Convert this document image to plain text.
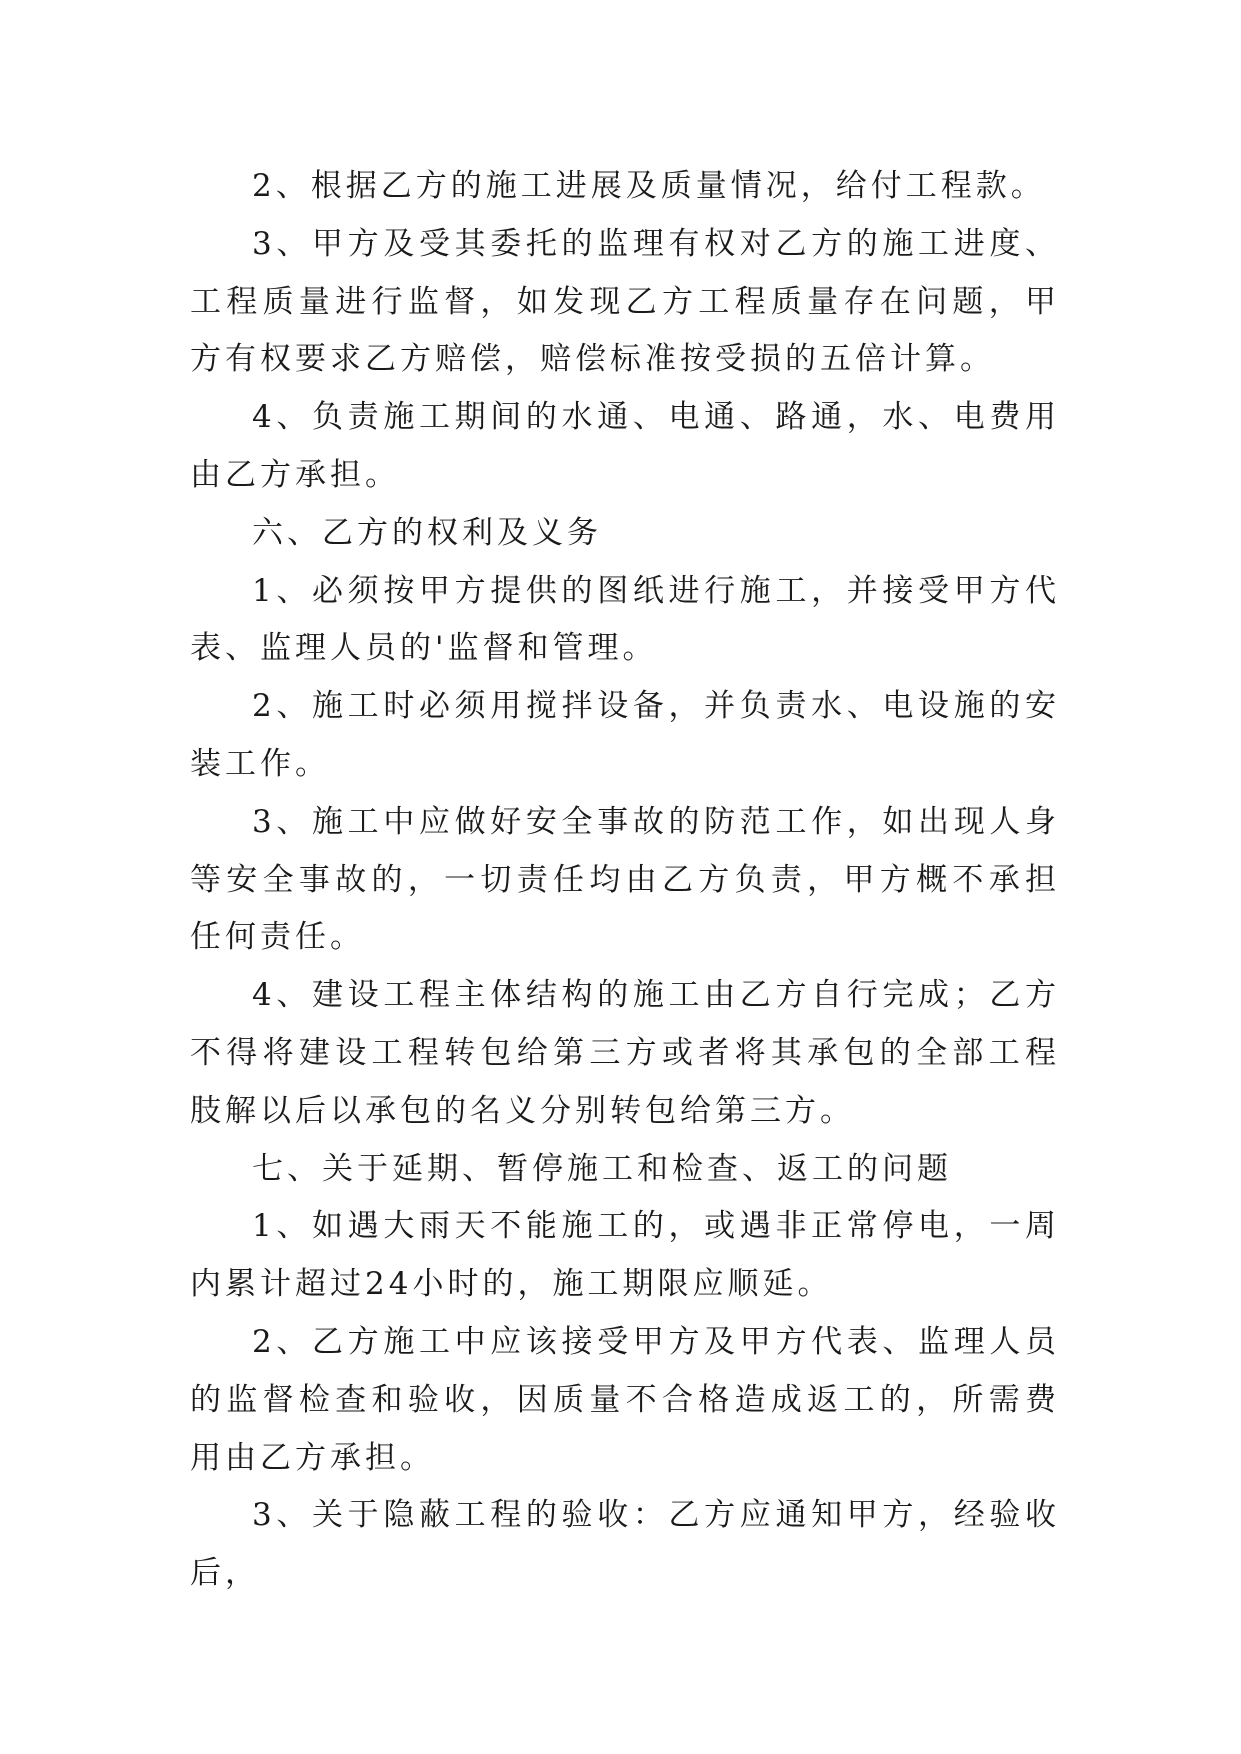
2、根据乙方的施工进展及质量情况，给付工程款。

3、甲方及受其委托的监理有权对乙方的施工进度、工程质量进行监督，如发现乙方工程质量存在问题，甲方有权要求乙方赔偿，赔偿标准按受损的五倍计算。

4、负责施工期间的水通、电通、路通，水、电费用由乙方承担。

六、乙方的权利及义务

1、必须按甲方提供的图纸进行施工，并接受甲方代表、监理人员的'监督和管理。

2、施工时必须用搅拌设备，并负责水、电设施的安装工作。

3、施工中应做好安全事故的防范工作，如出现人身等安全事故的，一切责任均由乙方负责，甲方概不承担任何责任。

4、建设工程主体结构的施工由乙方自行完成；乙方不得将建设工程转包给第三方或者将其承包的全部工程肢解以后以承包的名义分别转包给第三方。

七、关于延期、暂停施工和检查、返工的问题

1、如遇大雨天不能施工的，或遇非正常停电，一周内累计超过24小时的，施工期限应顺延。

2、乙方施工中应该接受甲方及甲方代表、监理人员的监督检查和验收，因质量不合格造成返工的，所需费用由乙方承担。

3、关于隐蔽工程的验收：乙方应通知甲方，经验收后，
